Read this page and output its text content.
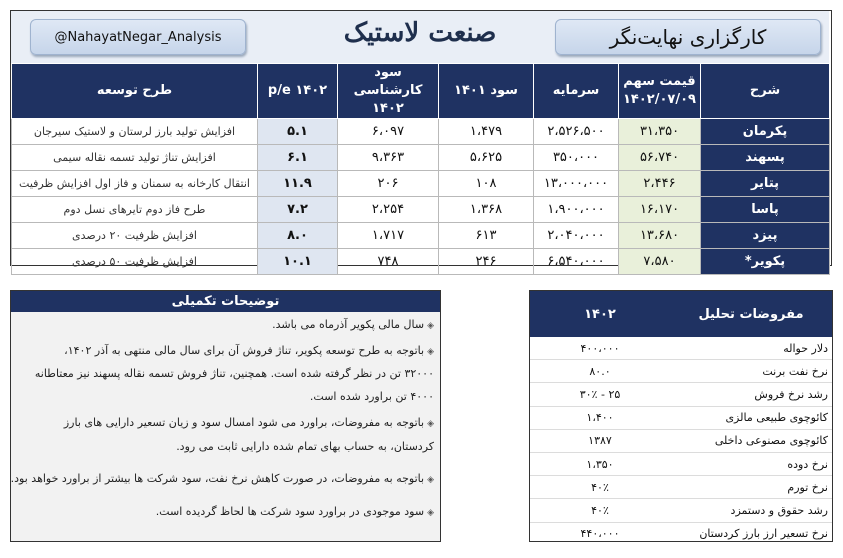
@NahayatNegar_Analysis	صنعت لاستیک	کارگزاری نهایت‌نگر
طرح توسعه	p/e ۱۴۰۲	سود کارشناسی ۱۴۰۲	سود ۱۴۰۱	سرمایه	قیمت سهم ۱۴۰۲/۰۷/۰۹	شرح
افزایش تولید بارز لرستان و لاستیک سیرجان	۵.۱	۶،۰۹۷	۱،۴۷۹	۲،۵۲۶،۵۰۰	۳۱،۳۵۰	پکرمان
افزایش تناژ تولید تسمه نقاله سیمی	۶.۱	۹،۳۶۳	۵،۶۲۵	۳۵۰،۰۰۰	۵۶،۷۴۰	پسهند
انتقال کارخانه به سمنان و فاز اول افزایش ظرفیت	۱۱.۹	۲۰۶	۱۰۸	۱۳،۰۰۰،۰۰۰	۲،۴۴۶	پتایر
طرح فاز دوم تایرهای نسل دوم	۷.۲	۲،۲۵۴	۱،۳۶۸	۱،۹۰۰،۰۰۰	۱۶،۱۷۰	پاسا
افزایش ظرفیت ۲۰ درصدی	۸.۰	۱،۷۱۷	۶۱۳	۲،۰۴۰،۰۰۰	۱۳،۶۸۰	پیزد
افزایش ظرفیت ۵۰ درصدی	۱۰.۱	۷۴۸	۲۴۶	۶،۵۴۰،۰۰۰	۷،۵۸۰	پکویر*
توضیحات تکمیلی
◈سال مالی پکویر آذرماه می باشد.
◈باتوجه به طرح توسعه پکویر، تناژ فروش آن برای سال مالی منتهی به آذر ۱۴۰۲،
۳۲۰۰۰ تن در نظر گرفته شده است. همچنین، تناژ فروش تسمه نقاله پسهند نیز معتاطانه
۴۰۰۰ تن براورد شده است.
◈باتوجه به مفروضات، براورد می شود امسال سود و زیان تسعیر دارایی های بارز
کردستان، به حساب بهای تمام شده دارایی ثابت می رود.
◈باتوجه به مفروضات، در صورت کاهش نرخ نفت، سود شرکت ها بیشتر از براورد خواهد بود.
◈سود موجودی در براورد سود شرکت ها لحاظ گردیده است.
۱۴۰۲	مفروضات تحلیل
۴۰۰،۰۰۰	دلار حواله
۸۰.۰	نرخ نفت برنت
۲۵ - ۳۰٪	رشد نرخ فروش
۱،۴۰۰	کائوچوی طبیعی مالزی
۱۳۸۷	کائوچوی مصنوعی داخلی
۱،۳۵۰	نرخ دوده
۴۰٪	نرخ تورم
۴۰٪	رشد حقوق و دستمزد
۴۴۰،۰۰۰	نرخ تسعیر ارز بارز کردستان
